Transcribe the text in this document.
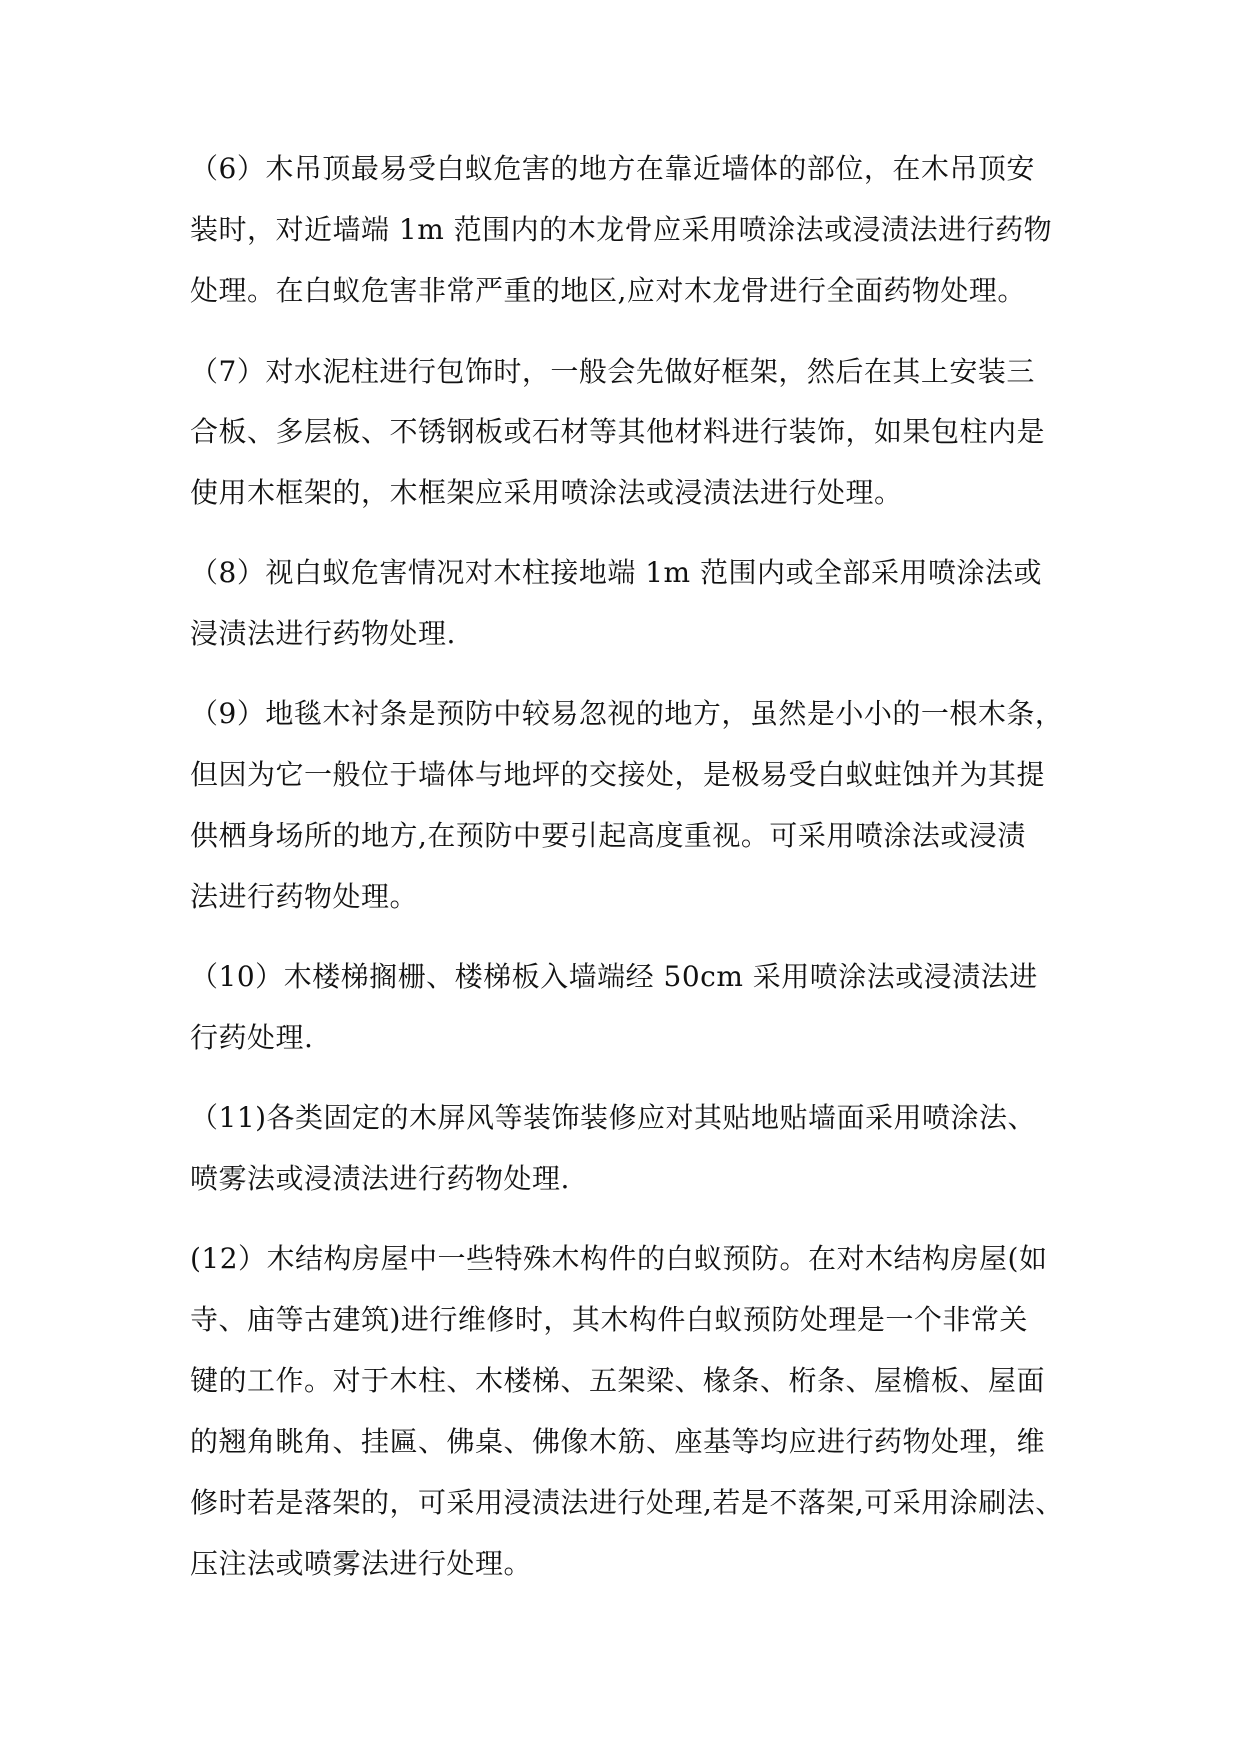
（6）木吊顶最易受白蚁危害的地方在靠近墙体的部位，在木吊顶安
装时，对近墙端 1m 范围内的木龙骨应采用喷涂法或浸渍法进行药物
处理。在白蚁危害非常严重的地区,应对木龙骨进行全面药物处理。
（7）对水泥柱进行包饰时，一般会先做好框架，然后在其上安装三
合板、多层板、不锈钢板或石材等其他材料进行装饰，如果包柱内是
使用木框架的，木框架应采用喷涂法或浸渍法进行处理。
（8）视白蚁危害情况对木柱接地端 1m 范围内或全部采用喷涂法或
浸渍法进行药物处理.
（9）地毯木衬条是预防中较易忽视的地方，虽然是小小的一根木条，
但因为它一般位于墙体与地坪的交接处，是极易受白蚁蛀蚀并为其提
供栖身场所的地方,在预防中要引起高度重视。可采用喷涂法或浸渍
法进行药物处理。
（10）木楼梯搁栅、楼梯板入墙端经 50cm 采用喷涂法或浸渍法进
行药处理.
（11)各类固定的木屏风等装饰装修应对其贴地贴墙面采用喷涂法、
喷雾法或浸渍法进行药物处理.
(12）木结构房屋中一些特殊木构件的白蚁预防。在对木结构房屋(如
寺、庙等古建筑)进行维修时，其木构件白蚁预防处理是一个非常关
键的工作。对于木柱、木楼梯、五架梁、椽条、桁条、屋檐板、屋面
的翘角眺角、挂匾、佛桌、佛像木筋、座基等均应进行药物处理，维
修时若是落架的，可采用浸渍法进行处理,若是不落架,可采用涂刷法、
压注法或喷雾法进行处理。
